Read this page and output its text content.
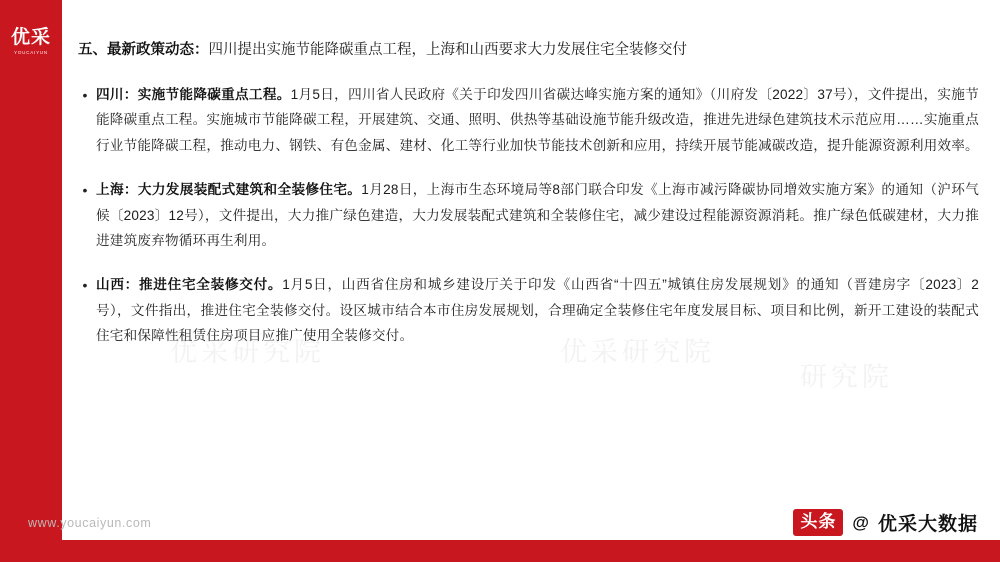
优采
YOUCAIYUN
优采研究院	优采研究院
研究院
五、最新政策动态：四川提出实施节能降碳重点工程，上海和山西要求大力发展住宅全装修交付
• 四川：实施节能降碳重点工程。1月5日，四川省人民政府《关于印发四川省碳达峰实施方案的通知》（川府发〔2022〕37号），文件提出，实施节能降碳重点工程。实施城市节能降碳工程，开展建筑、交通、照明、供热等基础设施节能升级改造，推进先进绿色建筑技术示范应用……实施重点行业节能降碳工程，推动电力、钢铁、有色金属、建材、化工等行业加快节能技术创新和应用，持续开展节能减碳改造，提升能源资源利用效率。
• 上海：大力发展装配式建筑和全装修住宅。1月28日，上海市生态环境局等8部门联合印发《上海市减污降碳协同增效实施方案》的通知（沪环气候〔2023〕12号），文件提出，大力推广绿色建造，大力发展装配式建筑和全装修住宅，减少建设过程能源资源消耗。推广绿色低碳建材，大力推进建筑废弃物循环再生利用。
• 山西：推进住宅全装修交付。1月5日，山西省住房和城乡建设厅关于印发《山西省“十四五”城镇住房发展规划》的通知（晋建房字〔2023〕2号），文件指出，推进住宅全装修交付。设区城市结合本市住房发展规划，合理确定全装修住宅年度发展目标、项目和比例，新开工建设的装配式住宅和保障性租赁住房项目应推广使用全装修交付。
www.youcaiyun.com	头条 @ 优采大数据
